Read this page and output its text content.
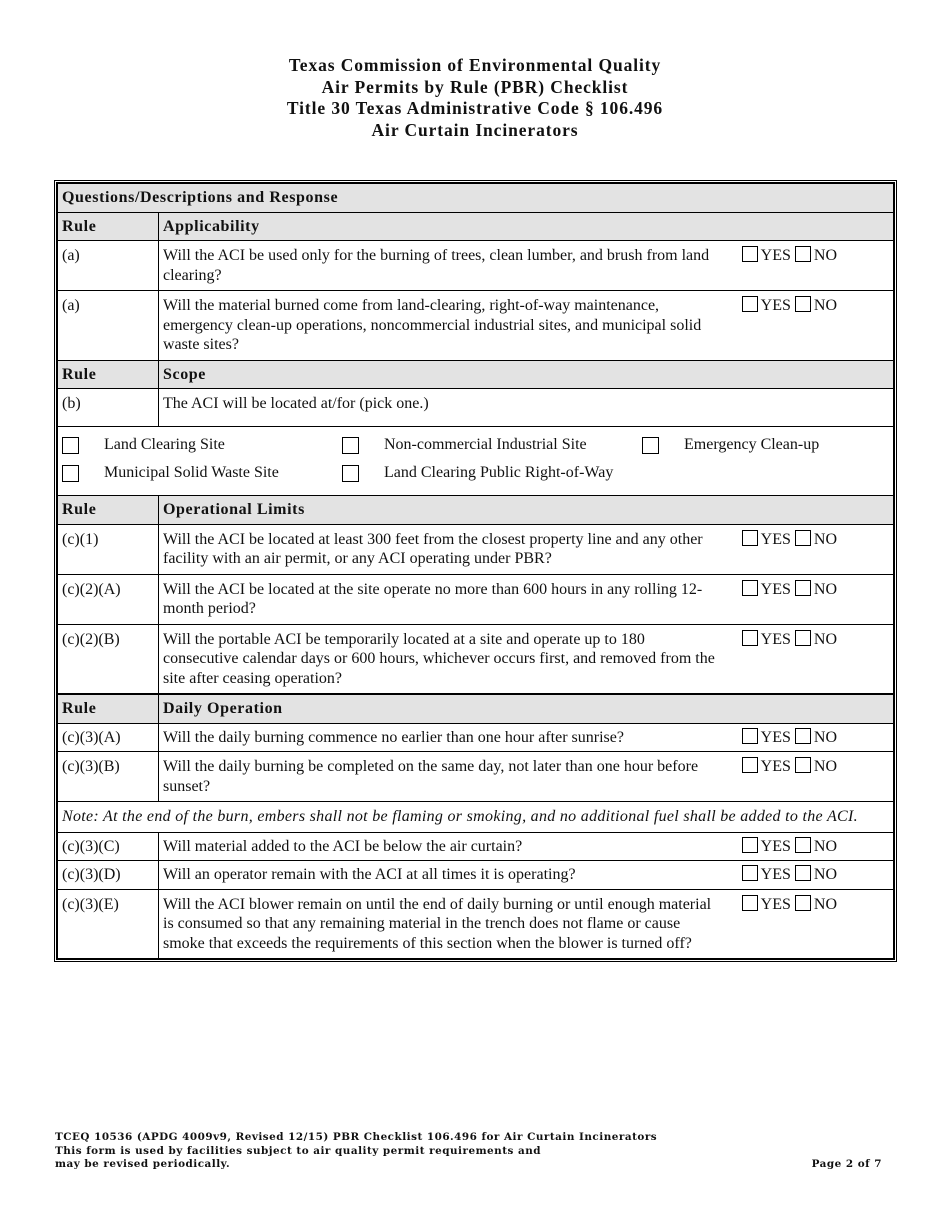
Texas Commission of Environmental Quality
Air Permits by Rule (PBR) Checklist
Title 30 Texas Administrative Code § 106.496
Air Curtain Incinerators
Questions/Descriptions and Response	
Rule	Applicability
(a)	Will the ACI be used only for the burning of trees, clean lumber, and brush from land clearing?
YES NO

(a)	Will the material burned come from land-clearing, right-of-way maintenance, emergency clean-up operations, noncommercial industrial sites, and municipal solid waste sites?
YES NO

Rule	Scope
(b)	The ACI will be located at/for (pick one.)

Land Clearing Site Non-commercial Industrial Site Emergency Clean-up
Municipal Solid Waste Site Land Clearing Public Right-of-Way	

Rule	Operational Limits
(c)(1)	Will the ACI be located at least 300 feet from the closest property line and any other facility with an air permit, or any ACI operating under PBR?
YES NO

(c)(2)(A)	Will the ACI be located at the site operate no more than 600 hours in any rolling 12-month period?
YES NO

(c)(2)(B)	Will the portable ACI be temporarily located at a site and operate up to 180 consecutive calendar days or 600 hours, whichever occurs first, and removed from the site after ceasing operation?
YES NO

Rule	Daily Operation
(c)(3)(A)	Will the daily burning commence no earlier than one hour after sunrise? YES NO

(c)(3)(B)	Will the daily burning be completed on the same day, not later than one hour before sunset?
YES NO

Note: At the end of the burn, embers shall not be flaming or smoking, and no additional fuel shall be added to the ACI.	
(c)(3)(C)	Will material added to the ACI be below the air curtain? YES NO

(c)(3)(D)	Will an operator remain with the ACI at all times it is operating? YES NO

(c)(3)(E)	Will the ACI blower remain on until the end of daily burning or until enough material is consumed so that any remaining material in the trench does not flame or cause smoke that exceeds the requirements of this section when the blower is turned off?
YES NO
TCEQ 10536 (APDG 4009v9, Revised 12/15) PBR Checklist 106.496 for Air Curtain Incinerators
This form is used by facilities subject to air quality permit requirements and
may be revised periodically.	Page 2 of 7
